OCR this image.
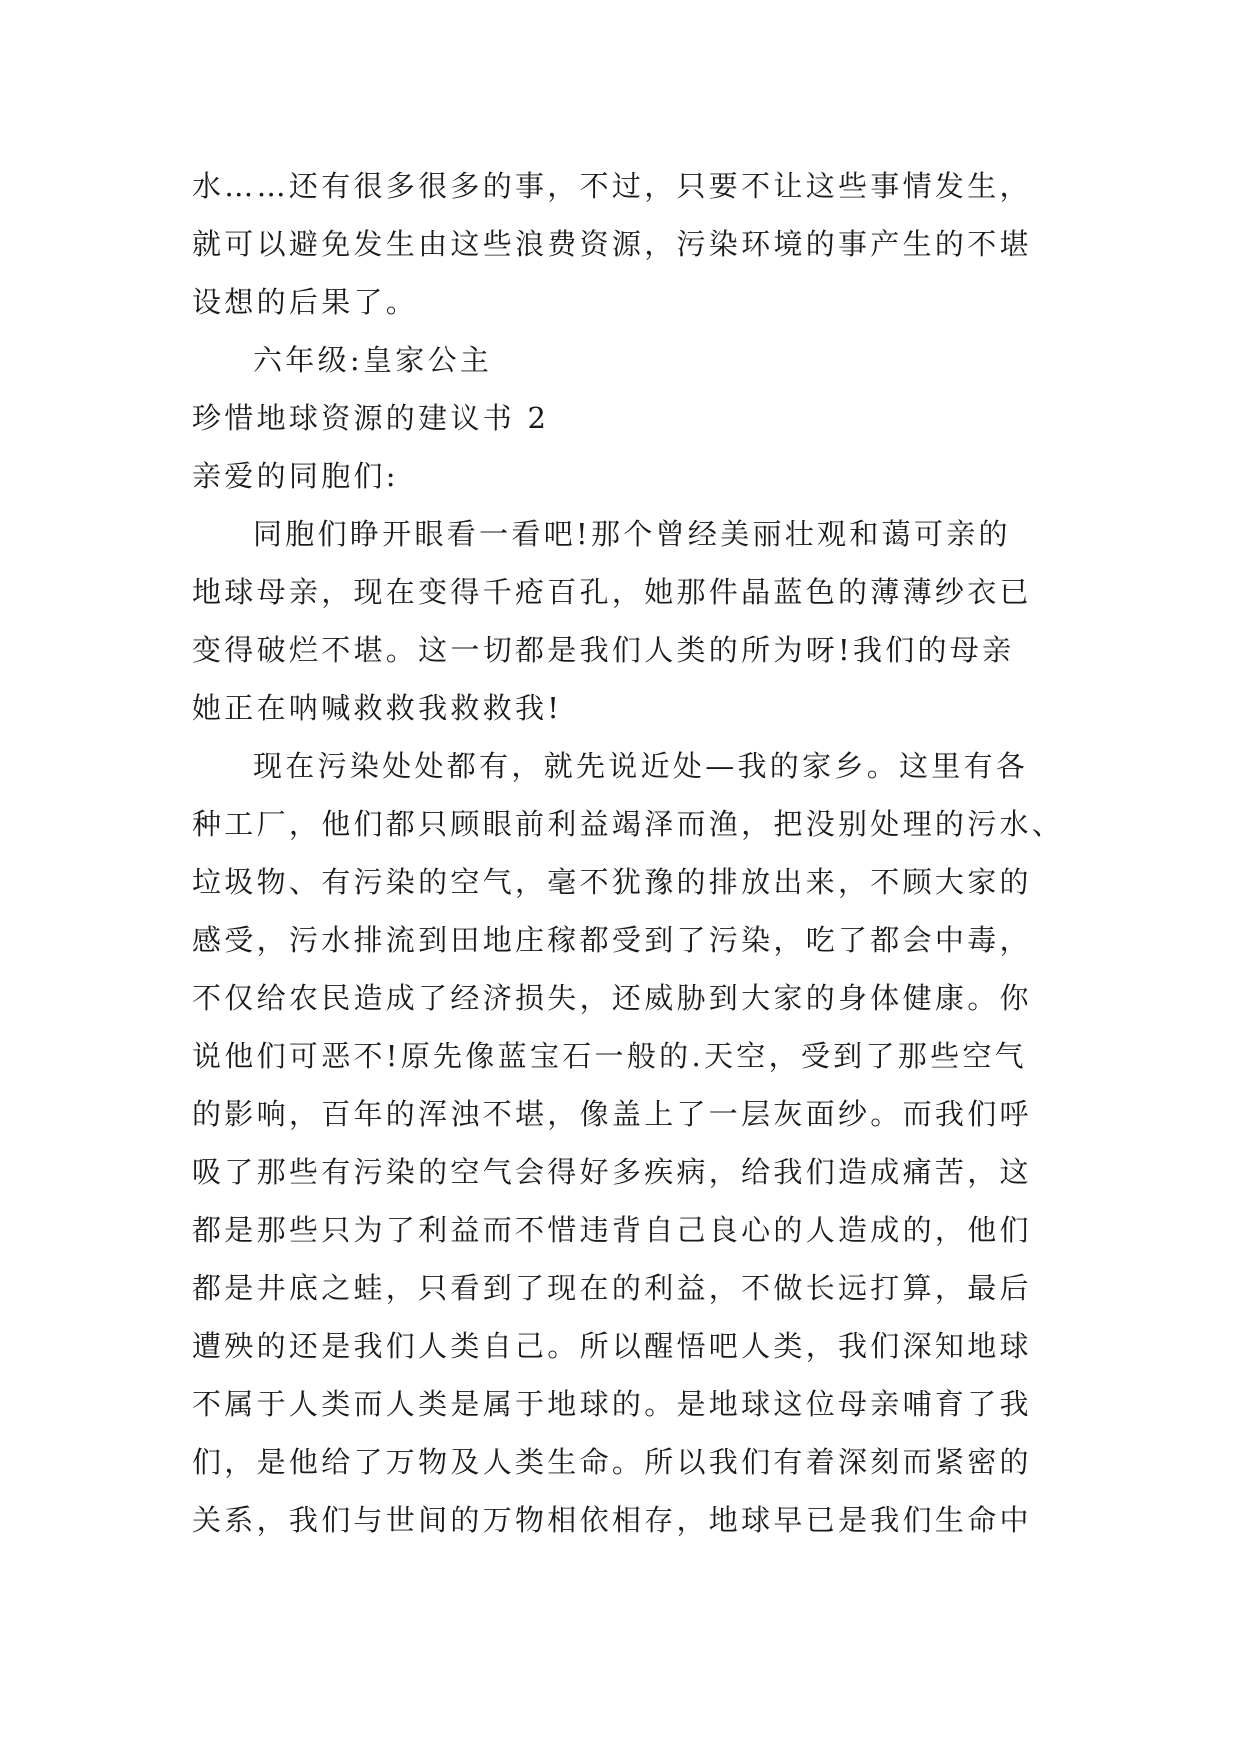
水……还有很多很多的事，不过，只要不让这些事情发生，
就可以避免发生由这些浪费资源，污染环境的事产生的不堪
设想的后果了。
六年级:皇家公主
珍惜地球资源的建议书 2
亲爱的同胞们:
同胞们睁开眼看一看吧!那个曾经美丽壮观和蔼可亲的
地球母亲，现在变得千疮百孔，她那件晶蓝色的薄薄纱衣已
变得破烂不堪。这一切都是我们人类的所为呀!我们的母亲
她正在呐喊救救我救救我!
现在污染处处都有，就先说近处—我的家乡。这里有各
种工厂，他们都只顾眼前利益竭泽而渔，把没别处理的污水、
垃圾物、有污染的空气，毫不犹豫的排放出来，不顾大家的
感受，污水排流到田地庄稼都受到了污染，吃了都会中毒，
不仅给农民造成了经济损失，还威胁到大家的身体健康。你
说他们可恶不!原先像蓝宝石一般的.天空，受到了那些空气
的影响，百年的浑浊不堪，像盖上了一层灰面纱。而我们呼
吸了那些有污染的空气会得好多疾病，给我们造成痛苦，这
都是那些只为了利益而不惜违背自己良心的人造成的，他们
都是井底之蛙，只看到了现在的利益，不做长远打算，最后
遭殃的还是我们人类自己。所以醒悟吧人类，我们深知地球
不属于人类而人类是属于地球的。是地球这位母亲哺育了我
们，是他给了万物及人类生命。所以我们有着深刻而紧密的
关系，我们与世间的万物相依相存，地球早已是我们生命中
